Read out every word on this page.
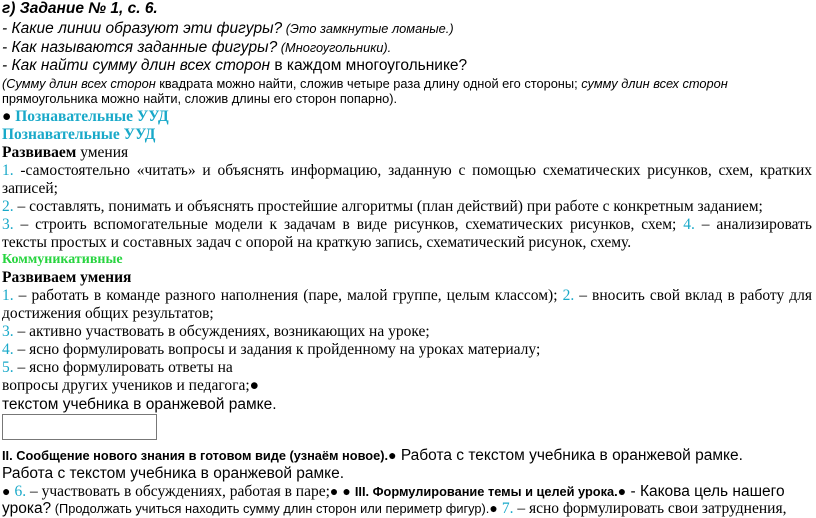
г) Задание № 1, с. 6.
- Какие линии образуют эти фигуры? (Это замкнутые ломаные.)
- Как называются заданные фигуры? (Многоугольники).
- Как найти сумму длин всех сторон в каждом многоугольнике?
(Сумму длин всех сторон квадрата можно найти, сложив четыре раза длину одной его стороны; сумму длин всех сторон
прямоугольника можно найти, сложив длины его сторон попарно).
● Познавательные УУД
Познавательные УУД
Развиваем умения
1. -самостоятельно «читать» и объяснять информацию, заданную с помощью схематических рисунков, схем, кратких
записей;
2. – составлять, понимать и объяснять простейшие алгоритмы (план действий) при работе с конкретным заданием;
3. – строить вспомогательные модели к задачам в виде рисунков, схематических рисунков, схем; 4. – анализировать
тексты простых и составных задач с опорой на краткую запись, схематический рисунок, схему.
Коммуникативные
Развиваем умения
1. – работать в команде разного наполнения (паре, малой группе, целым классом); 2. – вносить свой вклад в работу для
достижения общих результатов;
3. – активно участвовать в обсуждениях, возникающих на уроке;
4. – ясно формулировать вопросы и задания к пройденному на уроках материалу;
5. – ясно формулировать ответы на
вопросы других учеников и педагога;●
текстом учебника в оранжевой рамке.
II. Сообщение нового знания в готовом виде (узнаём новое).● Работа с текстом учебника в оранжевой рамке.
Работа с текстом учебника в оранжевой рамке.
● 6. – участвовать в обсуждениях, работая в паре;● ● III. Формулирование темы и целей урока.● - Какова цель нашего
урока? (Продолжать учиться находить сумму длин сторон или периметр фигур).● 7. – ясно формулировать свои затруднения,
